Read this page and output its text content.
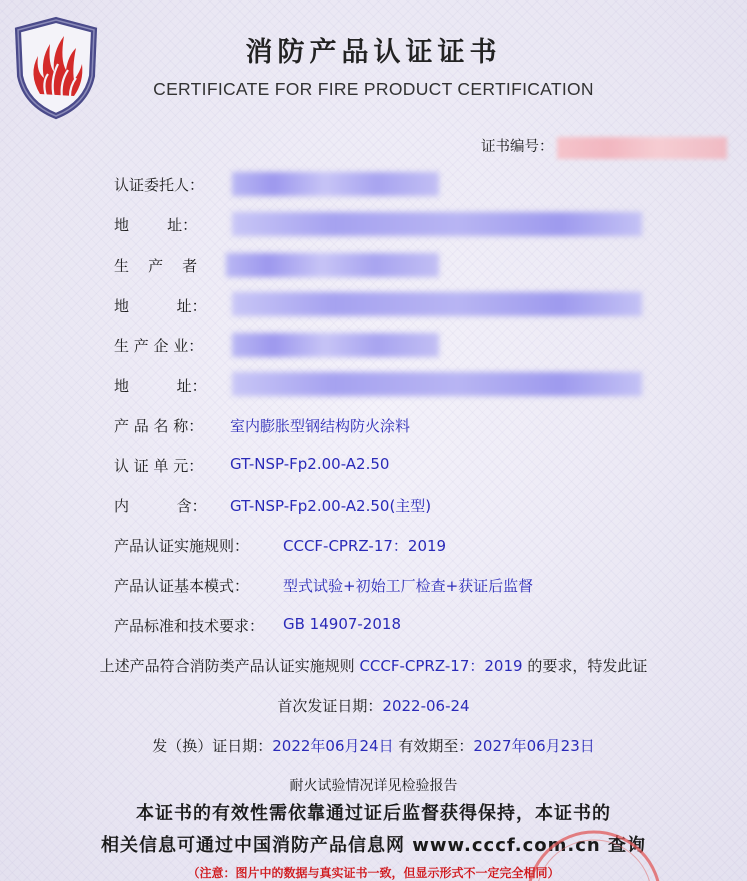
消防产品认证证书
CERTIFICATE FOR FIRE PRODUCT CERTIFICATION
证书编号：
认证委托人：
地        址：
生    产    者
地          址：
生 产 企 业：
地          址：
产 品 名 称： 室内膨胀型钢结构防火涂料
认 证 单 元： GT-NSP-Fp2.00-A2.50
内          含： GT-NSP-Fp2.00-A2.50(主型)
产品认证实施规则： CCCF-CPRZ-17：2019
产品认证基本模式： 型式试验+初始工厂检查+获证后监督
产品标准和技术要求： GB 14907-2018
上述产品符合消防类产品认证实施规则 CCCF-CPRZ-17：2019 的要求，特发此证
首次发证日期：2022-06-24
发（换）证日期：2022年06月24日 有效期至：2027年06月23日
耐火试验情况详见检验报告
本证书的有效性需依靠通过证后监督获得保持，本证书的
相关信息可通过中国消防产品信息网 www.cccf.com.cn 查询
（注意：图片中的数据与真实证书一致，但显示形式不一定完全相同）
